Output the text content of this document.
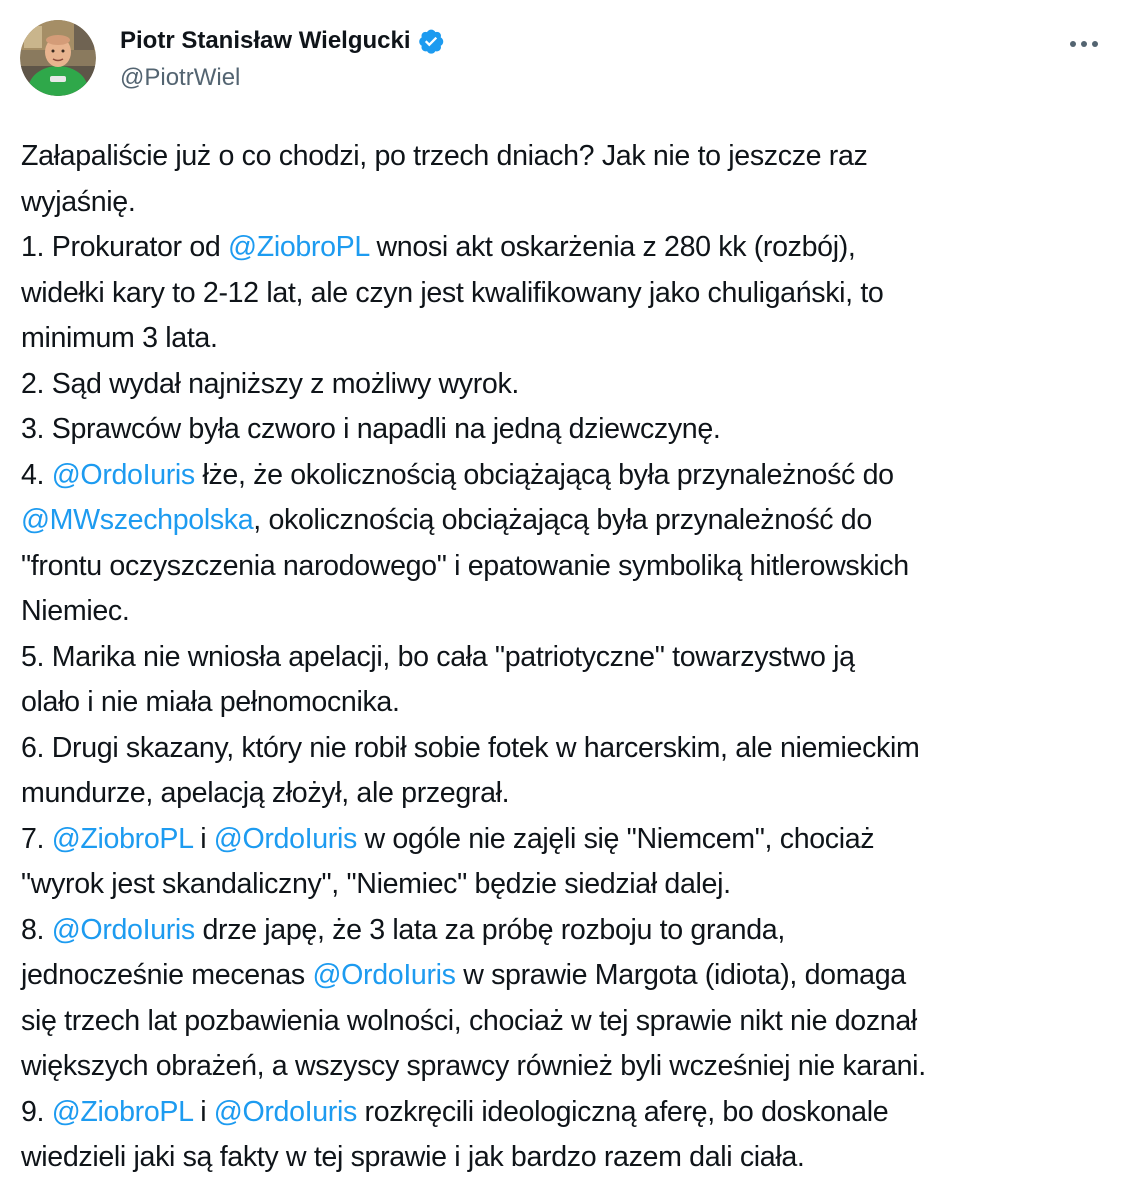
Piotr Stanisław Wielgucki
@PiotrWiel
Załapaliście już o co chodzi, po trzech dniach? Jak nie to jeszcze raz
wyjaśnię.
1. Prokurator od @ZiobroPL wnosi akt oskarżenia z 280 kk (rozbój),
widełki kary to 2-12 lat, ale czyn jest kwalifikowany jako chuligański, to
minimum 3 lata.
2. Sąd wydał najniższy z możliwy wyrok.
3. Sprawców była czworo i napadli na jedną dziewczynę.
4. @OrdoIuris łże, że okolicznością obciążającą była przynależność do
@MWszechpolska, okolicznością obciążającą była przynależność do
"frontu oczyszczenia narodowego" i epatowanie symboliką hitlerowskich
Niemiec.
5. Marika nie wniosła apelacji, bo cała "patriotyczne" towarzystwo ją
olało i nie miała pełnomocnika.
6. Drugi skazany, który nie robił sobie fotek w harcerskim, ale niemieckim
mundurze, apelacją złożył, ale przegrał.
7. @ZiobroPL i @OrdoIuris w ogóle nie zajęli się "Niemcem", chociaż
"wyrok jest skandaliczny", "Niemiec" będzie siedział dalej.
8. @OrdoIuris drze japę, że 3 lata za próbę rozboju to granda,
jednocześnie mecenas @OrdoIuris w sprawie Margota (idiota), domaga
się trzech lat pozbawienia wolności, chociaż w tej sprawie nikt nie doznał
większych obrażeń, a wszyscy sprawcy również byli wcześniej nie karani.
9. @ZiobroPL i @OrdoIuris rozkręcili ideologiczną aferę, bo doskonale
wiedzieli jaki są fakty w tej sprawie i jak bardzo razem dali ciała.
